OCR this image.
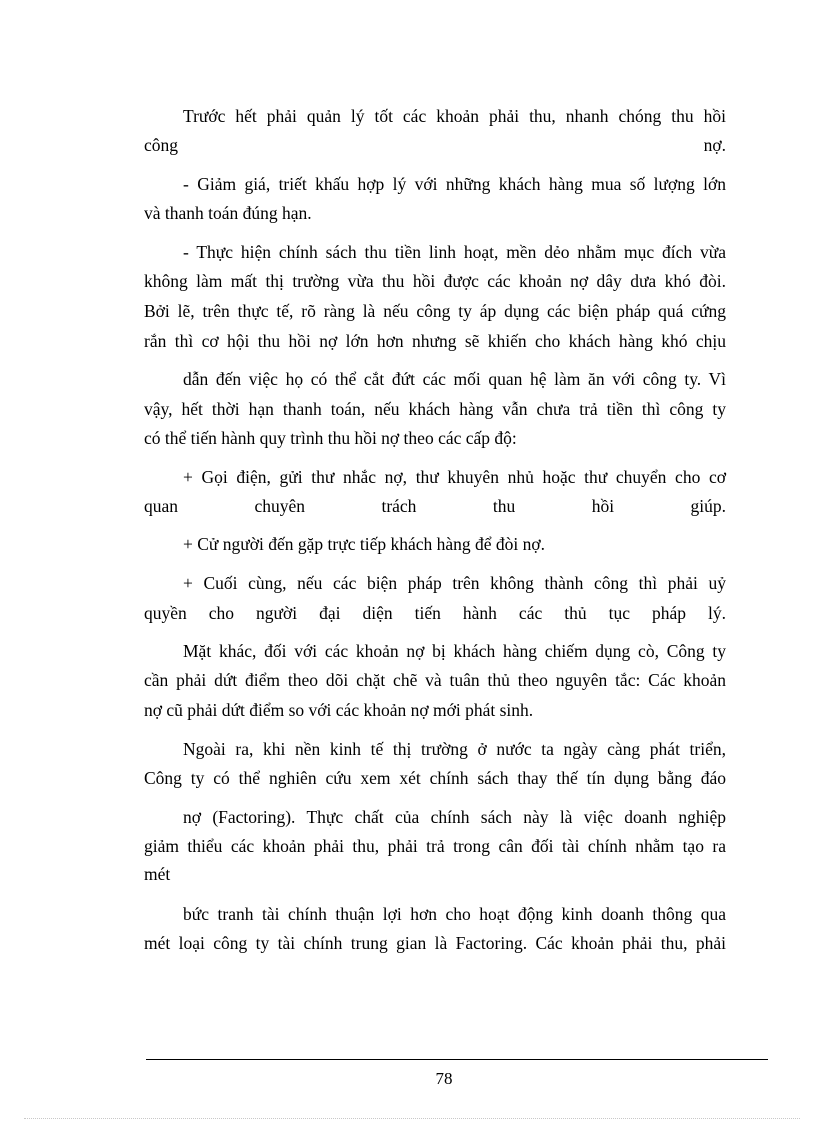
Trước hết phải quản lý tốt các khoản phải thu, nhanh chóng thu hồi
công nợ.
- Giảm giá, triết khấu hợp lý với những khách hàng mua số lượng lớn
và thanh toán đúng hạn.
- Thực hiện chính sách thu tiền linh hoạt, mền dẻo nhằm mục đích vừa
không làm mất thị trường vừa thu hồi được các khoản nợ dây dưa khó đòi.
Bởi lẽ, trên thực tế, rõ ràng là nếu công ty áp dụng các biện pháp quá cứng
rắn thì cơ hội thu hồi nợ lớn hơn nhưng sẽ khiến cho khách hàng khó chịu
dẫn đến việc họ có thể cắt đứt các mối quan hệ làm ăn với công ty. Vì
vậy, hết thời hạn thanh toán, nếu khách hàng vẫn chưa trả tiền thì công ty
có thể tiến hành quy trình thu hồi nợ theo các cấp độ:
+ Gọi điện, gửi thư nhắc nợ, thư khuyên nhủ hoặc thư chuyển cho cơ
quan chuyên trách thu hồi giúp.
+ Cử người đến gặp trực tiếp khách hàng để đòi nợ.
+ Cuối cùng, nếu các biện pháp trên không thành công thì phải uỷ
quyền cho người đại diện tiến hành các thủ tục pháp lý.
Mặt khác, đối với các khoản nợ bị khách hàng chiếm dụng cò, Công ty
cần phải dứt điểm theo dõi chặt chẽ và tuân thủ theo nguyên tắc: Các khoản
nợ cũ phải dứt điểm so với các khoản nợ mới phát sinh.
Ngoài ra, khi nền kinh tế thị trường ở nước ta ngày càng phát triển,
Công ty có thể nghiên cứu xem xét chính sách thay thế tín dụng bằng đáo
nợ (Factoring). Thực chất của chính sách này là việc doanh nghiệp
giảm thiểu các khoản phải thu, phải trả trong cân đối tài chính nhằm tạo ra
mét
bức tranh tài chính thuận lợi hơn cho hoạt động kinh doanh thông qua
mét loại công ty tài chính trung gian là Factoring. Các khoản phải thu, phải
78
